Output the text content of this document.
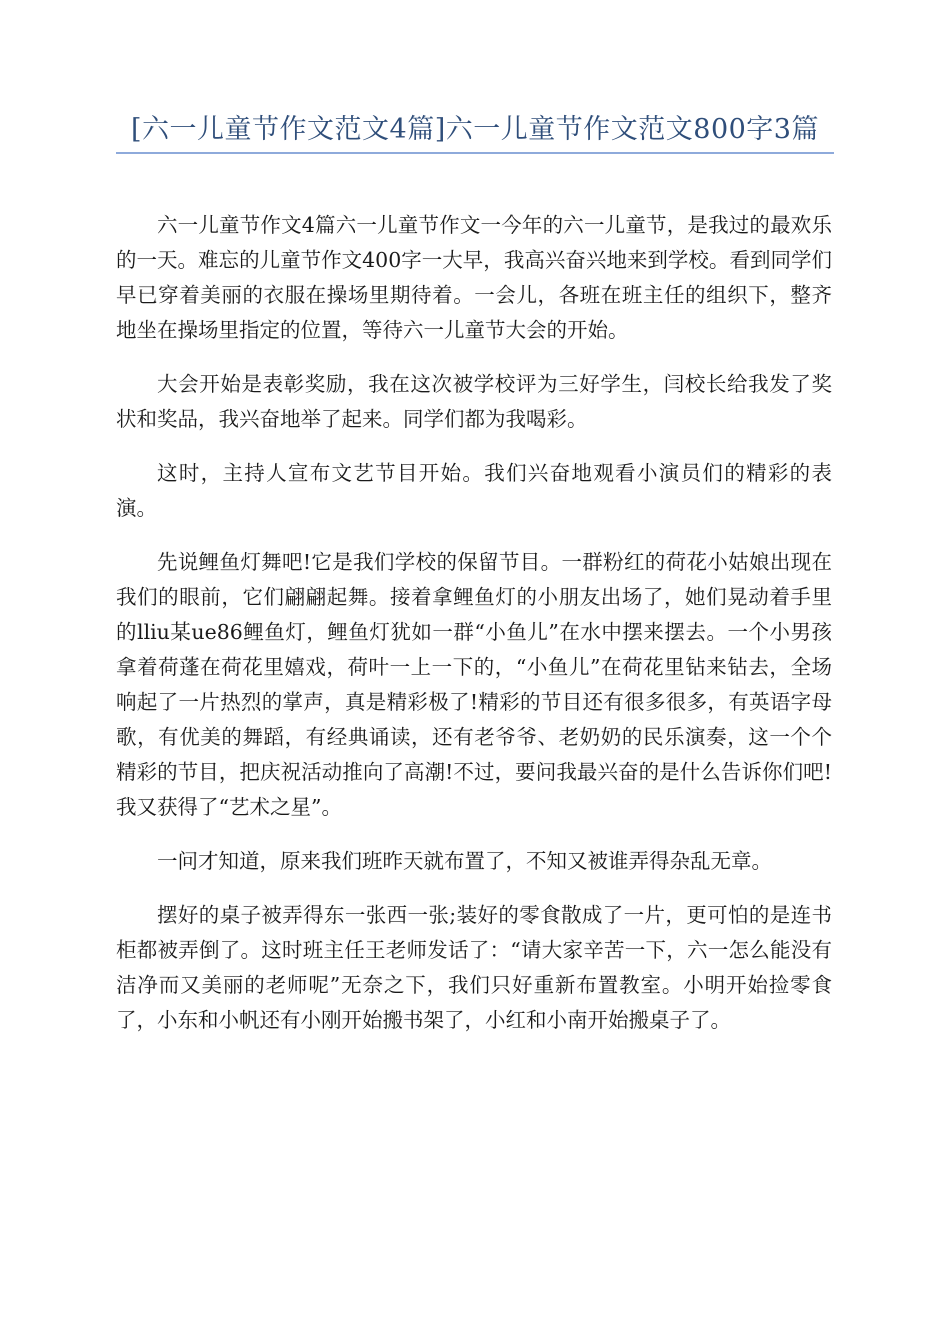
[六一儿童节作文范文4篇]六一儿童节作文范文800字3篇

六一儿童节作文4篇六一儿童节作文一今年的六一儿童节，是我过的最欢乐的一天。难忘的儿童节作文400字一大早，我高兴奋兴地来到学校。看到同学们早已穿着美丽的衣服在操场里期待着。一会儿，各班在班主任的组织下，整齐地坐在操场里指定的位置，等待六一儿童节大会的开始。

大会开始是表彰奖励，我在这次被学校评为三好学生，闫校长给我发了奖状和奖品，我兴奋地举了起来。同学们都为我喝彩。

这时，主持人宣布文艺节目开始。我们兴奋地观看小演员们的精彩的表演。

先说鲤鱼灯舞吧!它是我们学校的保留节目。一群粉红的荷花小姑娘出现在我们的眼前，它们翩翩起舞。接着拿鲤鱼灯的小朋友出场了，她们晃动着手里的lliu某ue86鲤鱼灯，鲤鱼灯犹如一群“小鱼儿”在水中摆来摆去。一个小男孩拿着荷蓬在荷花里嬉戏，荷叶一上一下的，“小鱼儿”在荷花里钻来钻去，全场响起了一片热烈的掌声，真是精彩极了!精彩的节目还有很多很多，有英语字母歌，有优美的舞蹈，有经典诵读，还有老爷爷、老奶奶的民乐演奏，这一个个精彩的节目，把庆祝活动推向了高潮!不过，要问我最兴奋的是什么告诉你们吧!我又获得了“艺术之星”。

一问才知道，原来我们班昨天就布置了，不知又被谁弄得杂乱无章。

摆好的桌子被弄得东一张西一张;装好的零食散成了一片，更可怕的是连书柜都被弄倒了。这时班主任王老师发话了：“请大家辛苦一下，六一怎么能没有洁净而又美丽的老师呢”无奈之下，我们只好重新布置教室。小明开始捡零食了，小东和小帆还有小刚开始搬书架了，小红和小南开始搬桌子了。
